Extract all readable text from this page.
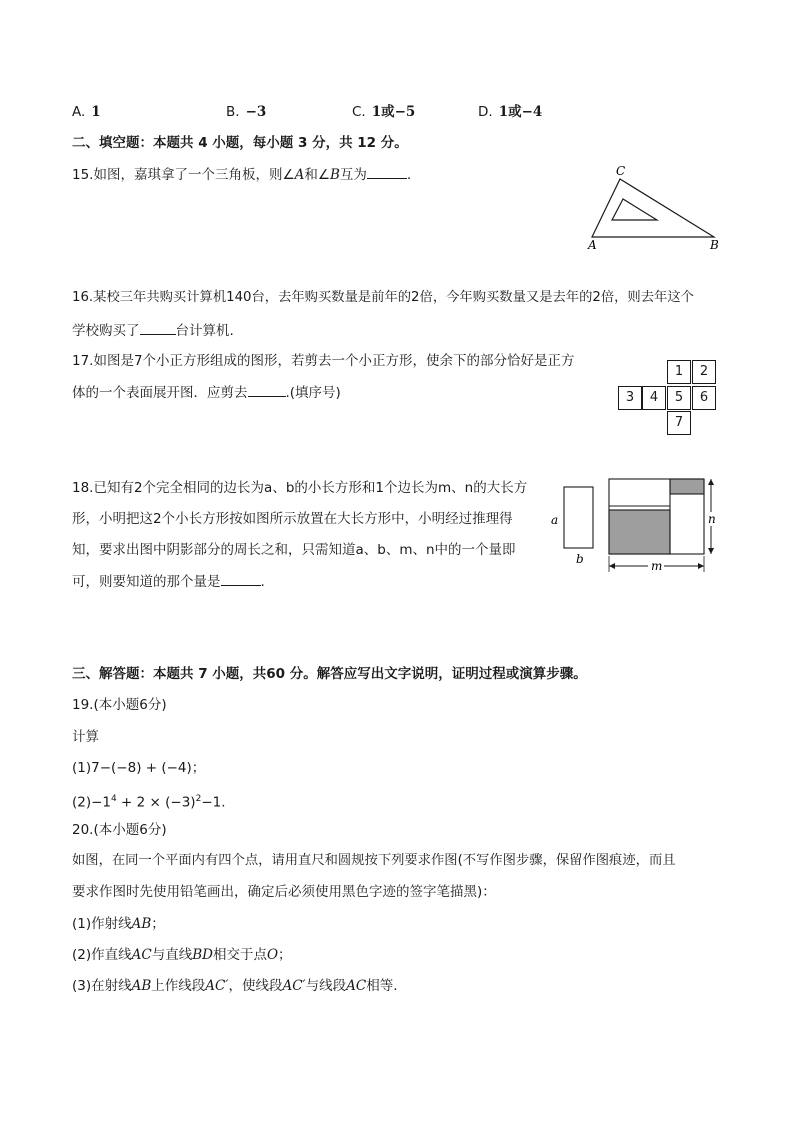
A. 1	B. −3	C. 1或−5	D. 1或−4
二、填空题：本题共 4 小题，每小题 3 分，共 12 分。
15.如图，嘉琪拿了一个三角板，则∠A和∠B互为	.	C
A	B
16.某校三年共购买计算机140台，去年购买数量是前年的2倍，今年购买数量又是去年的2倍，则去年这个
学校购买了	台计算机.
17.如图是7个小正方形组成的图形，若剪去一个小正方形，使余下的部分恰好是正方
体的一个表面展开图．应剪去	.(填序号)
1	2
3	4	5	6
7
18.已知有2个完全相同的边长为a、b的小长方形和1个边长为m、n的大长方
形，小明把这2个小长方形按如图所示放置在大长方形中，小明经过推理得
知，要求出图中阴影部分的周长之和，只需知道a、b、m、n中的一个量即
可，则要知道的那个量是	.
a
b
n
m
三、解答题：本题共 7 小题，共60 分。解答应写出文字说明，证明过程或演算步骤。
19.(本小题6分)
计算
(1)7−(−8) + (−4)；
$(2)-1^4 + 2 \times (-3)^2-1$.
20.(本小题6分)
如图，在同一个平面内有四个点，请用直尺和圆规按下列要求作图(不写作图步骤，保留作图痕迹，而且
要求作图时先使用铅笔画出，确定后必须使用黑色字迹的签字笔描黑)：
(1)作射线AB；
(2)作直线AC与直线BD相交于点O；
(3)在射线AB上作线段AC′，使线段AC′与线段AC相等.
